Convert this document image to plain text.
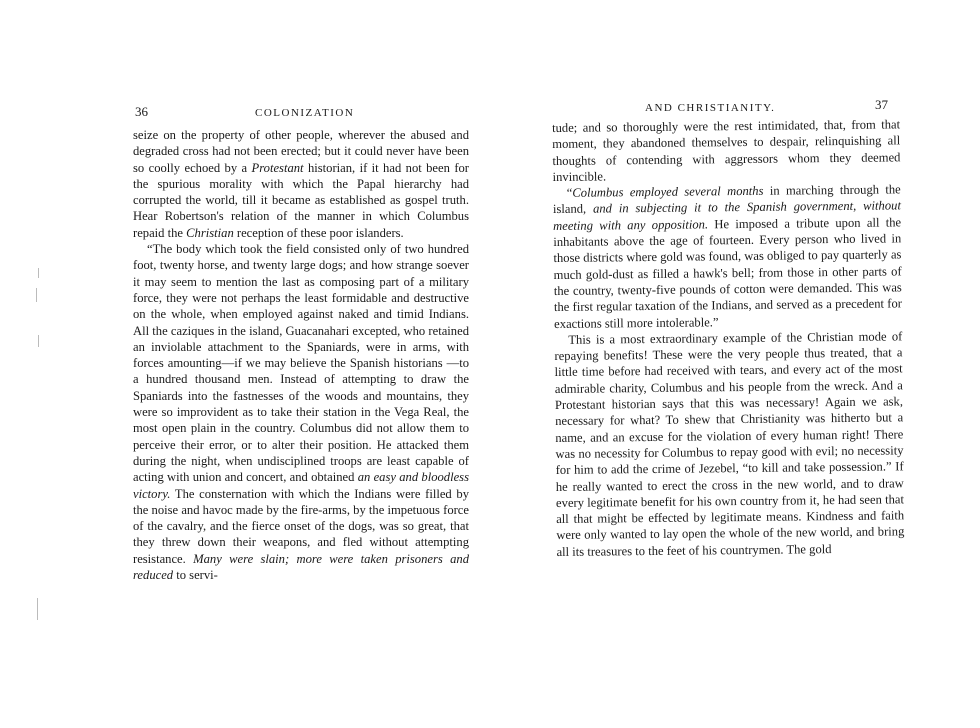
36	COLONIZATION

seize on the property of other people, wherever the abused and degraded cross had not been erected; but it could never have been so coolly echoed by a Protestant historian, if it had not been for the spurious morality with which the Papal hierarchy had corrupted the world, till it became as established as gospel truth. Hear Robertson's relation of the manner in which Columbus repaid the Christian reception of these poor islanders.

“The body which took the field consisted only of two hundred foot, twenty horse, and twenty large dogs; and how strange soever it may seem to mention the last as composing part of a military force, they were not perhaps the least formidable and destructive on the whole, when employed against naked and timid Indians. All the caziques in the island, Guacanahari excepted, who retained an inviolable attachment to the Spaniards, were in arms, with forces amounting—if we may believe the Spanish historians —to a hundred thousand men. Instead of attempting to draw the Spaniards into the fastnesses of the woods and mountains, they were so improvident as to take their station in the Vega Real, the most open plain in the country. Columbus did not allow them to perceive their error, or to alter their position. He attacked them during the night, when undisciplined troops are least capable of acting with union and concert, and obtained an easy and bloodless victory. The consternation with which the Indians were filled by the noise and havoc made by the fire-arms, by the impetuous force of the cavalry, and the fierce onset of the dogs, was so great, that they threw down their weapons, and fled without attempting resistance. Many were slain; more were taken prisoners and reduced to servi-

AND CHRISTIANITY.	37

tude; and so thoroughly were the rest intimidated, that, from that moment, they abandoned themselves to despair, relinquishing all thoughts of contending with aggressors whom they deemed invincible.

“Columbus employed several months in marching through the island, and in subjecting it to the Spanish government, without meeting with any opposition. He imposed a tribute upon all the inhabitants above the age of fourteen. Every person who lived in those districts where gold was found, was obliged to pay quarterly as much gold-dust as filled a hawk's bell; from those in other parts of the country, twenty-five pounds of cotton were demanded. This was the first regular taxation of the Indians, and served as a precedent for exactions still more intolerable.”

This is a most extraordinary example of the Christian mode of repaying benefits! These were the very people thus treated, that a little time before had received with tears, and every act of the most admirable charity, Columbus and his people from the wreck. And a Protestant historian says that this was necessary! Again we ask, necessary for what? To shew that Christianity was hitherto but a name, and an excuse for the violation of every human right! There was no necessity for Columbus to repay good with evil; no necessity for him to add the crime of Jezebel, “to kill and take possession.” If he really wanted to erect the cross in the new world, and to draw every legitimate benefit for his own country from it, he had seen that all that might be effected by legitimate means. Kindness and faith were only wanted to lay open the whole of the new world, and bring all its treasures to the feet of his countrymen. The gold
